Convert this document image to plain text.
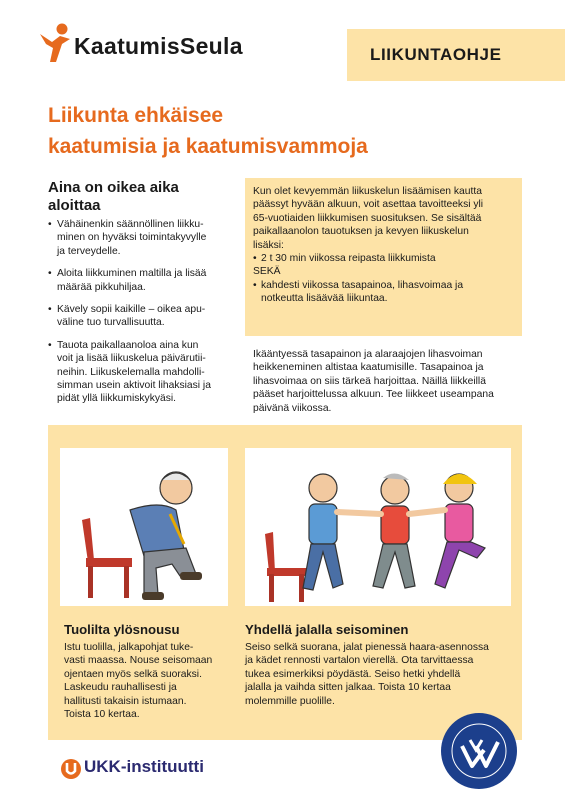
KaatumisSeula	LIIKUNTAOHJE
Liikunta ehkäisee
kaatumisia ja kaatumisvammoja
Aina on oikea aika
aloittaa
• Vähäinenkin säännöllinen liikku-
minen on hyväksi toimintakyvylle
ja terveydelle.
• Aloita liikkuminen maltilla ja lisää
määrää pikkuhiljaa.
• Kävely sopii kaikille – oikea apu-
väline tuo turvallisuutta.
• Tauota paikallaanoloa aina kun
voit ja lisää liikuskelua päivärutii-
neihin. Liikuskelemalla mahdolli-
simman usein aktivoit lihaksiasi ja
pidät yllä liikkumiskykyäsi.
Kun olet kevyemmän liikuskelun lisäämisen kautta
päässyt hyvään alkuun, voit asettaa tavoitteeksi yli
65-vuotiaiden liikkumisen suosituksen. Se sisältää
paikallaanolon tauotuksen ja kevyen liikuskelun
lisäksi:
• 2 t 30 min viikossa reipasta liikkumista
SEKÄ
• kahdesti viikossa tasapainoa, lihasvoimaa ja
notkeutta lisäävää liikuntaa.
Ikääntyessä tasapainon ja alaraajojen lihasvoiman
heikkeneminen altistaa kaatumisille. Tasapainoa ja
lihasvoimaa on siis tärkeä harjoittaa. Näillä liikkeillä
pääset harjoittelussa alkuun. Tee liikkeet useampana
päivänä viikossa.
Tuolilta ylösnousu
Istu tuolilla, jalkapohjat tuke-
vasti maassa. Nouse seisomaan
ojentaen myös selkä suoraksi.
Laskeudu rauhallisesti ja
hallitusti takaisin istumaan.
Toista 10 kertaa.
Yhdellä jalalla seisominen
Seiso selkä suorana, jalat pienessä haara-asennossa
ja kädet rennosti vartalon vierellä. Ota tarvittaessa
tukea esimerkiksi pöydästä. Seiso hetki yhdellä
jalalla ja vaihda sitten jalkaa. Toista 10 kertaa
molemmille puolille.
UKK-instituutti
